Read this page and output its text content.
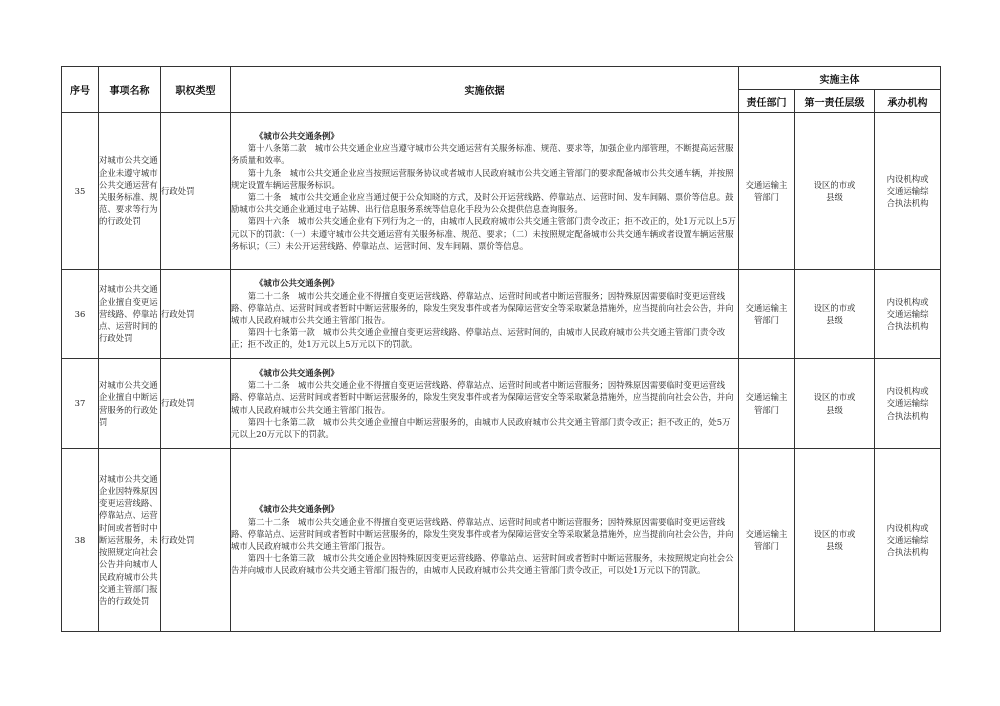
序号	事项名称	职权类型	实施依据	实施主体		
				责任部门	第一责任层级	承办机构
35	对城市公共交通企业未遵守城市公共交通运营有关服务标准、规范、要求等行为的行政处罚	行政处罚	《城市公共交通条例》
第十八条第二款　城市公共交通企业应当遵守城市公共交通运营有关服务标准、规范、要求等，加强企业内部管理，不断提高运营服务质量和效率。
第十九条　城市公共交通企业应当按照运营服务协议或者城市人民政府城市公共交通主管部门的要求配备城市公共交通车辆，并按照规定设置车辆运营服务标识。
第二十条　城市公共交通企业应当通过便于公众知晓的方式，及时公开运营线路、停靠站点、运营时间、发车间隔、票价等信息。鼓励城市公共交通企业通过电子站牌、出行信息服务系统等信息化手段为公众提供信息查询服务。
第四十六条　城市公共交通企业有下列行为之一的，由城市人民政府城市公共交通主管部门责令改正；拒不改正的，处1万元以上5万元以下的罚款：（一）未遵守城市公共交通运营有关服务标准、规范、要求；（二）未按照规定配备城市公共交通车辆或者设置车辆运营服务标识；（三）未公开运营线路、停靠站点、运营时间、发车间隔、票价等信息。	交通运输主管部门	设区的市或县级	内设机构或交通运输综合执法机构
36	对城市公共交通企业擅自变更运营线路、停靠站点、运营时间的行政处罚	行政处罚	《城市公共交通条例》
第二十二条　城市公共交通企业不得擅自变更运营线路、停靠站点、运营时间或者中断运营服务；因特殊原因需要临时变更运营线路、停靠站点、运营时间或者暂时中断运营服务的，除发生突发事件或者为保障运营安全等采取紧急措施外，应当提前向社会公告，并向城市人民政府城市公共交通主管部门报告。
第四十七条第一款　城市公共交通企业擅自变更运营线路、停靠站点、运营时间的，由城市人民政府城市公共交通主管部门责令改正；拒不改正的，处1万元以上5万元以下的罚款。	交通运输主管部门	设区的市或县级	内设机构或交通运输综合执法机构
37	对城市公共交通企业擅自中断运营服务的行政处罚	行政处罚	《城市公共交通条例》
第二十二条　城市公共交通企业不得擅自变更运营线路、停靠站点、运营时间或者中断运营服务；因特殊原因需要临时变更运营线路、停靠站点、运营时间或者暂时中断运营服务的，除发生突发事件或者为保障运营安全等采取紧急措施外，应当提前向社会公告，并向城市人民政府城市公共交通主管部门报告。
第四十七条第二款　城市公共交通企业擅自中断运营服务的，由城市人民政府城市公共交通主管部门责令改正；拒不改正的，处5万元以上20万元以下的罚款。	交通运输主管部门	设区的市或县级	内设机构或交通运输综合执法机构
38	对城市公共交通企业因特殊原因变更运营线路、停靠站点、运营时间或者暂时中断运营服务，未按照规定向社会公告并向城市人民政府城市公共交通主管部门报告的行政处罚	行政处罚	《城市公共交通条例》
第二十二条　城市公共交通企业不得擅自变更运营线路、停靠站点、运营时间或者中断运营服务；因特殊原因需要临时变更运营线路、停靠站点、运营时间或者暂时中断运营服务的，除发生突发事件或者为保障运营安全等采取紧急措施外，应当提前向社会公告，并向城市人民政府城市公共交通主管部门报告。
第四十七条第三款　城市公共交通企业因特殊原因变更运营线路、停靠站点、运营时间或者暂时中断运营服务，未按照规定向社会公告并向城市人民政府城市公共交通主管部门报告的，由城市人民政府城市公共交通主管部门责令改正，可以处1万元以下的罚款。	交通运输主管部门	设区的市或县级	内设机构或交通运输综合执法机构
